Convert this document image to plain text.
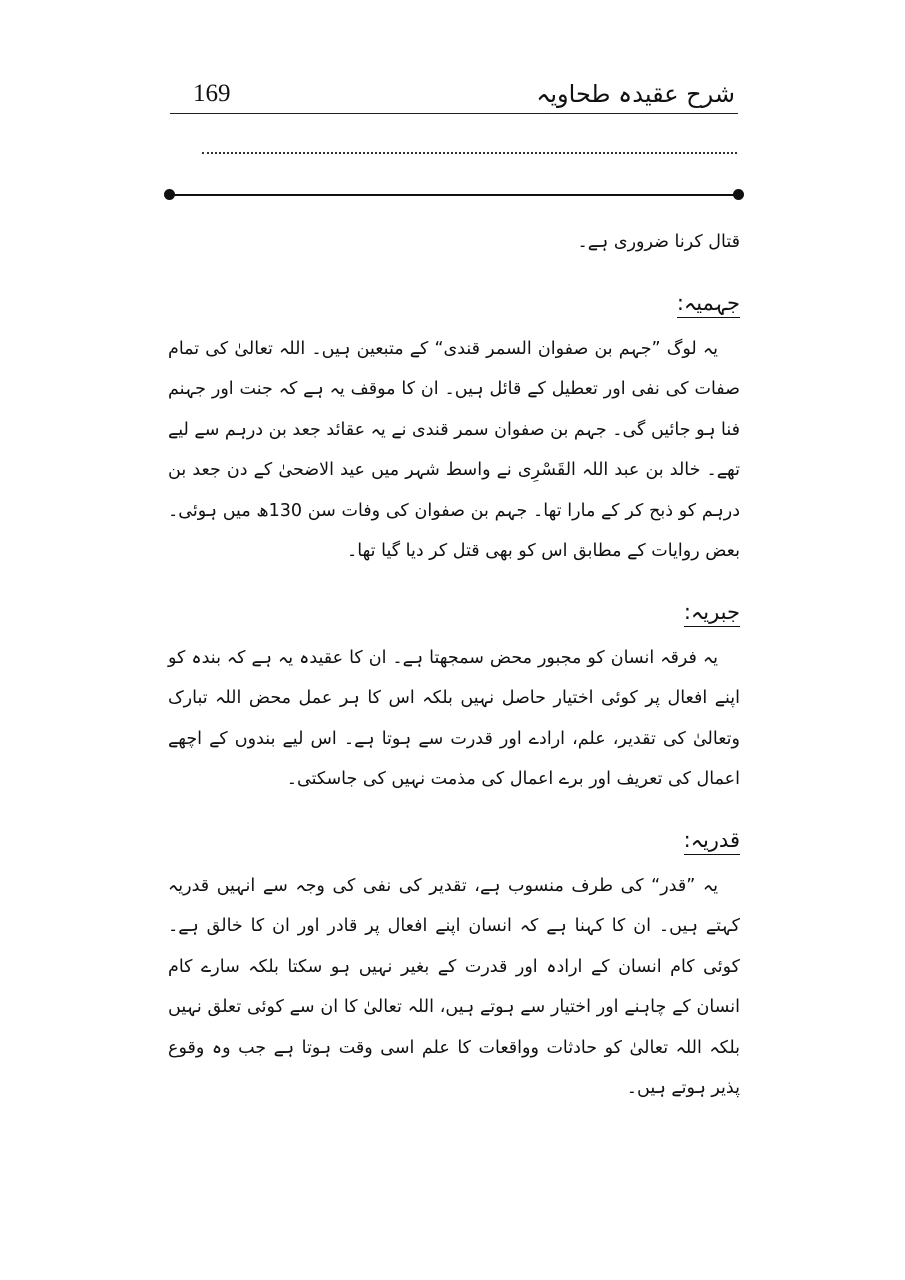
169	شرح عقیدہ طحاویہ

قتال کرنا ضروری ہے۔

جہمیہ:

یہ لوگ ”جہم بن صفوان السمر قندی“ کے متبعین ہیں۔ اللہ تعالیٰ کی تمام صفات کی نفی اور تعطیل کے قائل ہیں۔ ان کا موقف یہ ہے کہ جنت اور جہنم فنا ہو جائیں گی۔ جہم بن صفوان سمر قندی نے یہ عقائد جعد بن درہم سے لیے تھے۔ خالد بن عبد اللہ القَسْرِی نے واسط شہر میں عید الاضحیٰ کے دن جعد بن درہم کو ذبح کر کے مارا تھا۔ جہم بن صفوان کی وفات سن 130ھ میں ہوئی۔ بعض روایات کے مطابق اس کو بھی قتل کر دیا گیا تھا۔

جبریہ:

یہ فرقہ انسان کو مجبور محض سمجھتا ہے۔ ان کا عقیدہ یہ ہے کہ بندہ کو اپنے افعال پر کوئی اختیار حاصل نہیں بلکہ اس کا ہر عمل محض اللہ تبارک وتعالیٰ کی تقدیر، علم، ارادے اور قدرت سے ہوتا ہے۔ اس لیے بندوں کے اچھے اعمال کی تعریف اور برے اعمال کی مذمت نہیں کی جاسکتی۔

قدریہ:

یہ ”قدر“ کی طرف منسوب ہے، تقدیر کی نفی کی وجہ سے انہیں قدریہ کہتے ہیں۔ ان کا کہنا ہے کہ انسان اپنے افعال پر قادر اور ان کا خالق ہے۔ کوئی کام انسان کے ارادہ اور قدرت کے بغیر نہیں ہو سکتا بلکہ سارے کام انسان کے چاہنے اور اختیار سے ہوتے ہیں، اللہ تعالیٰ کا ان سے کوئی تعلق نہیں بلکہ اللہ تعالیٰ کو حادثات وواقعات کا علم اسی وقت ہوتا ہے جب وہ وقوع پذیر ہوتے ہیں۔
